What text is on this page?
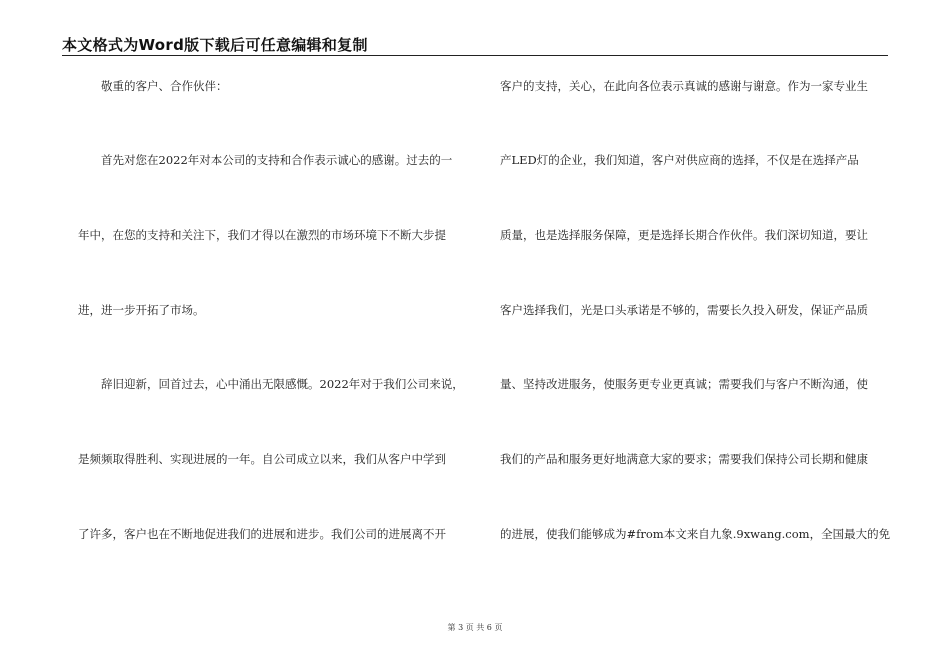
本文格式为Word版下载后可任意编辑和复制
　　敬重的客户、合作伙伴：
　　首先对您在2022年对本公司的支持和合作表示诚心的感谢。过去的一
年中，在您的支持和关注下，我们才得以在激烈的市场环境下不断大步提
进，进一步开拓了市场。
　　辞旧迎新，回首过去，心中涌出无限感慨。2022年对于我们公司来说，
是频频取得胜利、实现进展的一年。自公司成立以来，我们从客户中学到
了许多，客户也在不断地促进我们的进展和进步。我们公司的进展离不开
客户的支持，关心，在此向各位表示真诚的感谢与谢意。作为一家专业生
产LED灯的企业，我们知道，客户对供应商的选择，不仅是在选择产品
质量，也是选择服务保障，更是选择长期合作伙伴。我们深切知道，要让
客户选择我们，光是口头承诺是不够的，需要长久投入研发，保证产品质
量、坚持改进服务，使服务更专业更真诚；需要我们与客户不断沟通，使
我们的产品和服务更好地满意大家的要求；需要我们保持公司长期和健康
的进展，使我们能够成为#from本文来自九象.9xwang.com，全国最大的免
第 3 页 共 6 页
